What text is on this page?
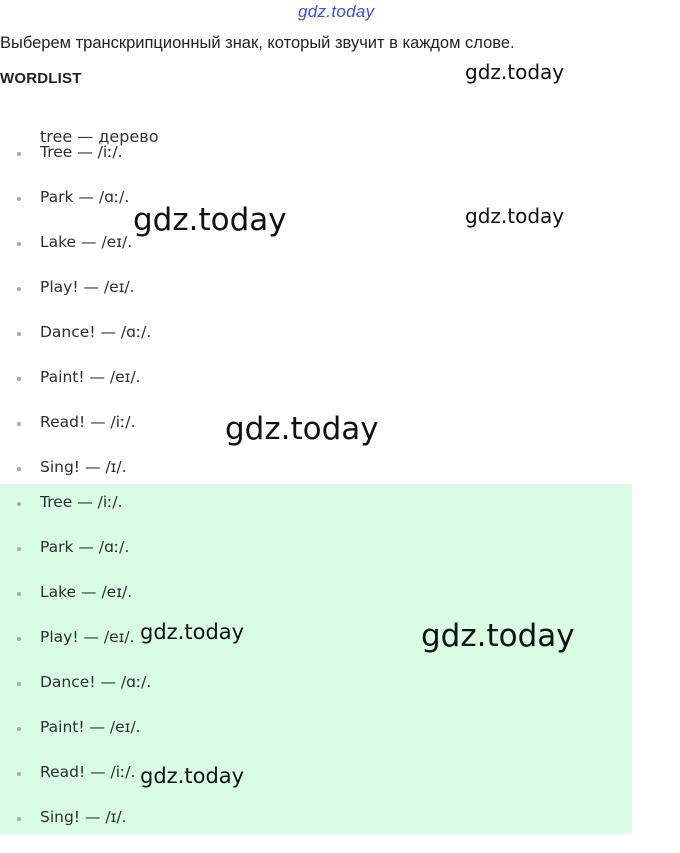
gdz.today
Выберем транскрипционный знак, который звучит в каждом слове.
WORDLIST
tree — дерево
Tree — /iː/.
Park — /ɑː/.
Lake — /eɪ/.
Play! — /eɪ/.
Dance! — /ɑː/.
Paint! — /eɪ/.
Read! — /iː/.
Sing! — /ɪ/.
Tree — /iː/.
Park — /ɑː/.
Lake — /eɪ/.
Play! — /eɪ/.
Dance! — /ɑː/.
Paint! — /eɪ/.
Read! — /iː/.
Sing! — /ɪ/.
gdz.today
gdz.today
gdz.today
gdz.today
gdz.today	gdz.today
gdz.today
